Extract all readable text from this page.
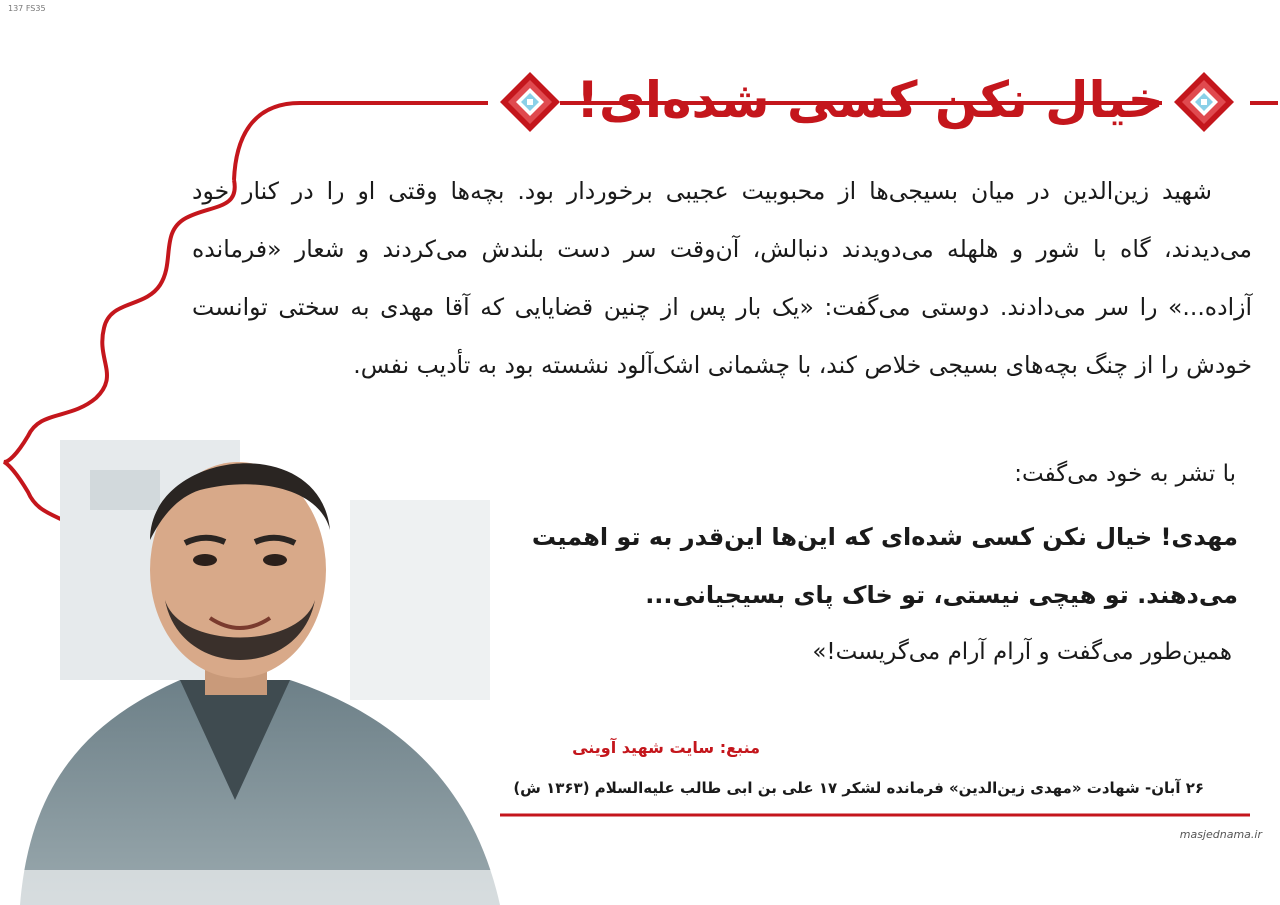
137 FS35
خیال نکن کسی شده‌ای!
شهید زین‌الدین در میان بسیجی‌ها از محبوبیت عجیبی برخوردار بود. بچه‌ها وقتی او را در کنار خود می‌دیدند، گاه با شور و هلهله می‌دویدند دنبالش، آن‌وقت سر دست بلندش می‌کردند و شعار «فرمانده آزاده...» را سر می‌دادند. دوستی می‌گفت: «یک بار پس از چنین قضایایی که آقا مهدی به سختی توانست خودش را از چنگ بچه‌های بسیجی خلاص کند، با چشمانی اشک‌آلود نشسته بود به تأدیب نفس.
با تشر به خود می‌گفت:
مهدی! خیال نکن کسی شده‌ای که این‌ها این‌قدر به تو اهمیت می‌دهند. تو هیچی نیستی، تو خاک پای بسیجیانی...
همین‌طور می‌گفت و آرام آرام می‌گریست!»
منبع: سایت شهید آوینی
۲۶ آبان- شهادت «مهدی زین‌الدین» فرمانده لشکر ۱۷ علی بن ابی طالب علیه‌السلام (۱۳۶۳ ش)
masjednama.ir
